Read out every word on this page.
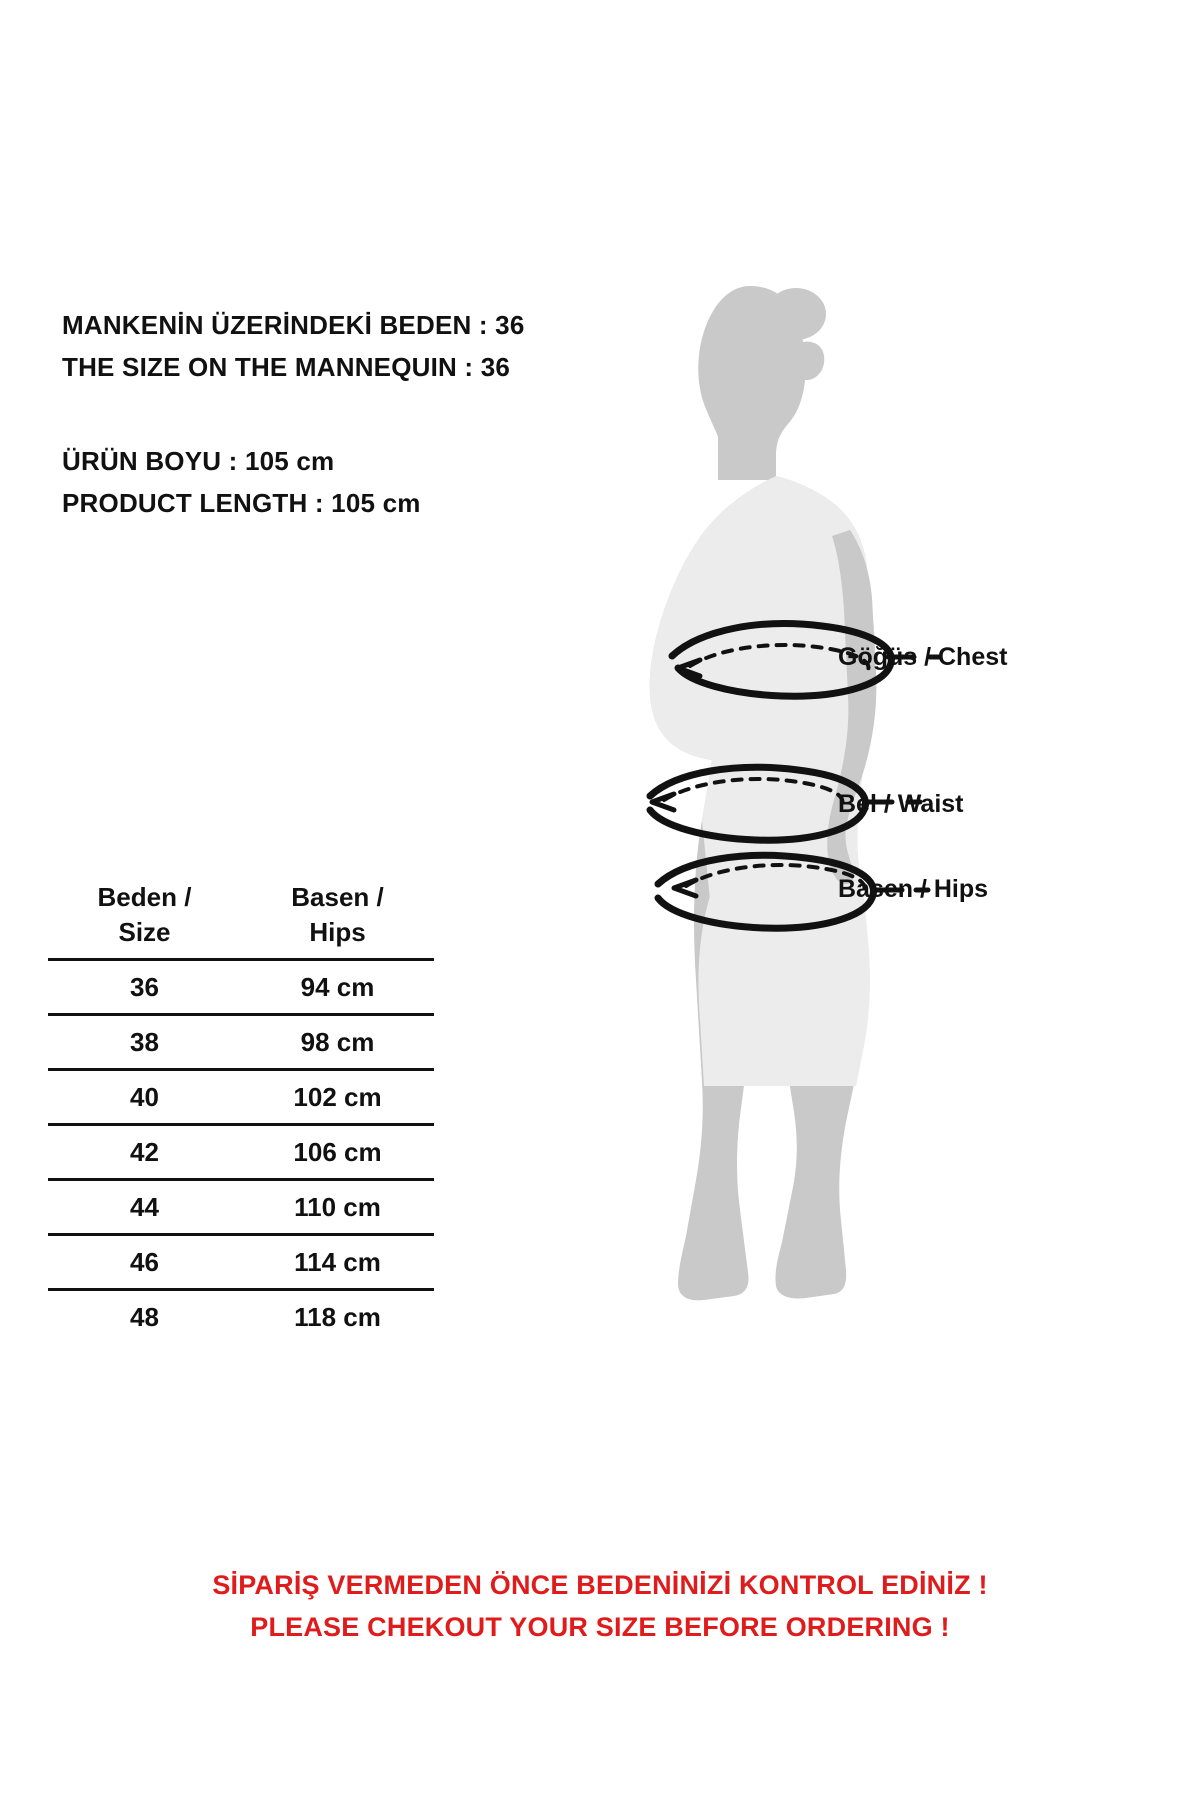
MANKENİN ÜZERİNDEKİ BEDEN : 36
THE SIZE ON THE MANNEQUIN : 36
ÜRÜN BOYU : 105 cm
PRODUCT LENGTH : 105 cm
Beden /
Size

Basen /
Hips

36	94 cm
38	98 cm
40	102 cm
42	106 cm
44	110 cm
46	114 cm
48	118 cm
Göğüs / Chest
Bel / Waist
Basen / Hips
SİPARİŞ VERMEDEN ÖNCE BEDENİNİZİ KONTROL EDİNİZ !
PLEASE CHEKOUT YOUR SIZE BEFORE ORDERING !
